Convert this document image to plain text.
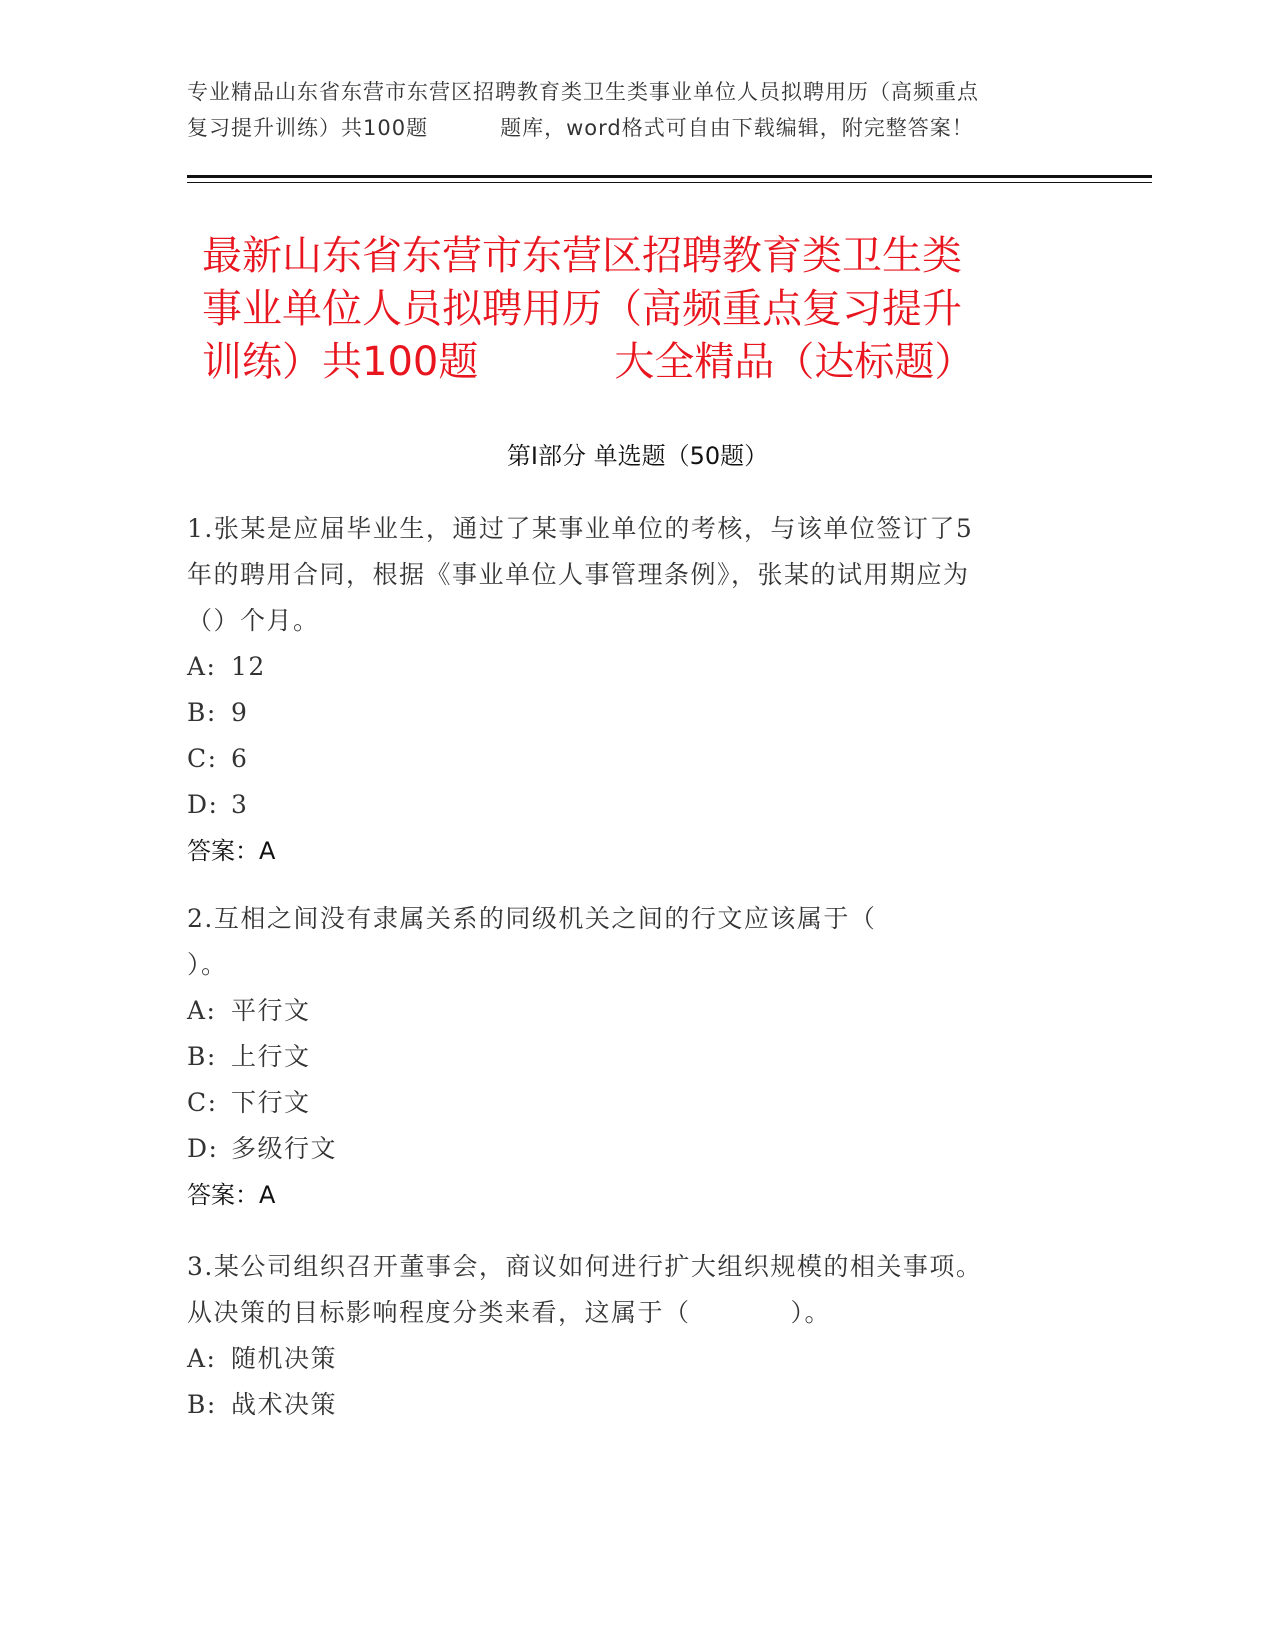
专业精品山东省东营市东营区招聘教育类卫生类事业单位人员拟聘用历（高频重点
复习提升训练）共100题	题库，word格式可自由下载编辑，附完整答案！
最新山东省东营市东营区招聘教育类卫生类
事业单位人员拟聘用历（高频重点复习提升
训练）共100题	大全精品（达标题）
第Ⅰ部分 单选题（50题）

1.张某是应届毕业生，通过了某事业单位的考核，与该单位签订了5

年的聘用合同，根据《事业单位人事管理条例》，张某的试用期应为

（）个月。

A: 12

B: 9

C: 6

D: 3

答案：A

2.互相之间没有隶属关系的同级机关之间的行文应该属于（

）。

A: 平行文

B: 上行文

C: 下行文

D: 多级行文

答案：A

3.某公司组织召开董事会，商议如何进行扩大组织规模的相关事项。

从决策的目标影响程度分类来看，这属于（	）。

A: 随机决策

B: 战术决策
